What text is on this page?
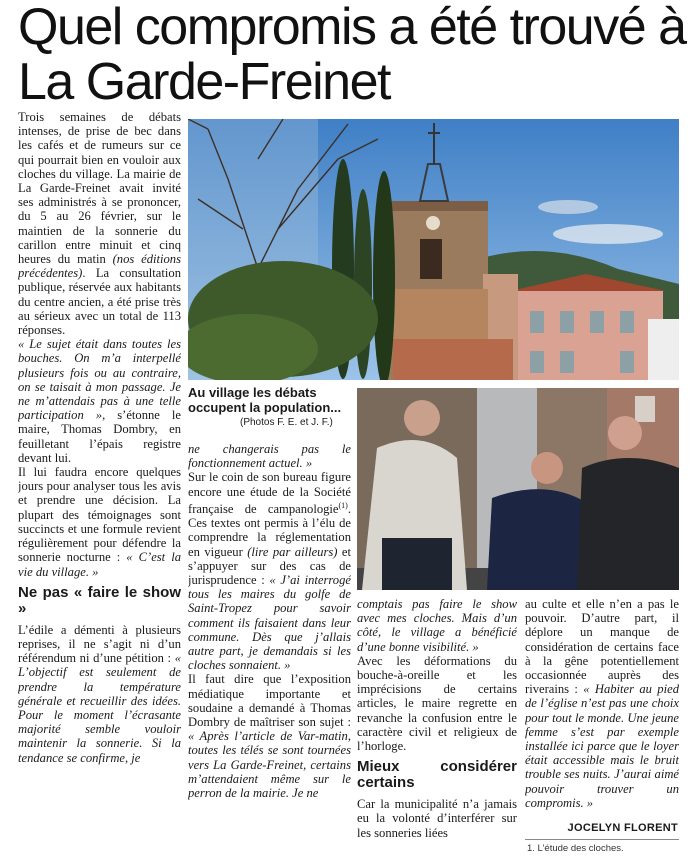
Quel compromis a été trouvé à La Garde-Freinet

Trois semaines de débats intenses, de prise de bec dans les cafés et de rumeurs sur ce qui pourrait bien en vouloir aux cloches du village. La mairie de La Garde-Freinet avait invité ses administrés à se prononcer, du 5 au 26 février, sur le maintien de la sonnerie du carillon entre minuit et cinq heures du matin (nos éditions précédentes). La consultation publique, réservée aux habitants du centre ancien, a été prise très au sérieux avec un total de 113 réponses.

« Le sujet était dans toutes les bouches. On m’a interpellé plusieurs fois ou au contraire, on se taisait à mon passage. Je ne m’attendais pas à une telle participation », s’étonne le maire, Thomas Dombry, en feuilletant l’épais registre devant lui.

Il lui faudra encore quelques jours pour analyser tous les avis et prendre une décision. La plupart des témoignages sont succincts et une formule revient régulièrement pour défendre la sonnerie nocturne : « C’est la vie du village. »

Ne pas « faire le show »

L’édile a démenti à plusieurs reprises, il ne s’agit ni d’un référendum ni d’une pétition : « L’objectif est seulement de prendre la température générale et recueillir des idées. Pour le moment l’écrasante majorité semble vouloir maintenir la sonnerie. Si la tendance se confirme, je

Au village les débats occupent la population...
(Photos F. E. et J. F.)

ne changerais pas le fonctionnement actuel. »

Sur le coin de son bureau figure encore une étude de la Société française de campanologie$^{(1)}$. Ces textes ont permis à l’élu de comprendre la réglementation en vigueur (lire par ailleurs) et s’appuyer sur des cas de jurisprudence : « J’ai interrogé tous les maires du golfe de Saint-Tropez pour savoir comment ils faisaient dans leur commune. Dès que j’allais autre part, je demandais si les cloches sonnaient. »

Il faut dire que l’exposition médiatique importante et soudaine a demandé à Thomas Dombry de maîtriser son sujet : « Après l’article de Var-matin, toutes les télés se sont tournées vers La Garde-Freinet, certains m’attendaient même sur le perron de la mairie. Je ne

comptais pas faire le show avec mes cloches. Mais d’un côté, le village a bénéficié d’une bonne visibilité. »

Avec les déformations du bouche-à-oreille et les imprécisions de certains articles, le maire regrette en revanche la confusion entre le caractère civil et religieux de l’horloge.

Mieux considérer certains

Car la municipalité n’a jamais eu la volonté d’interférer sur les sonneries liées

au culte et elle n’en a pas le pouvoir. D’autre part, il déplore un manque de considération de certains face à la gêne potentiellement occasionnée auprès des riverains : « Habiter au pied de l’église n’est pas une choix pour tout le monde. Une jeune femme s’est par exemple installée ici parce que le loyer était accessible mais le bruit trouble ses nuits. J’aurai aimé pouvoir trouver un compromis. »

JOCELYN FLORENT
1. L’étude des cloches.
